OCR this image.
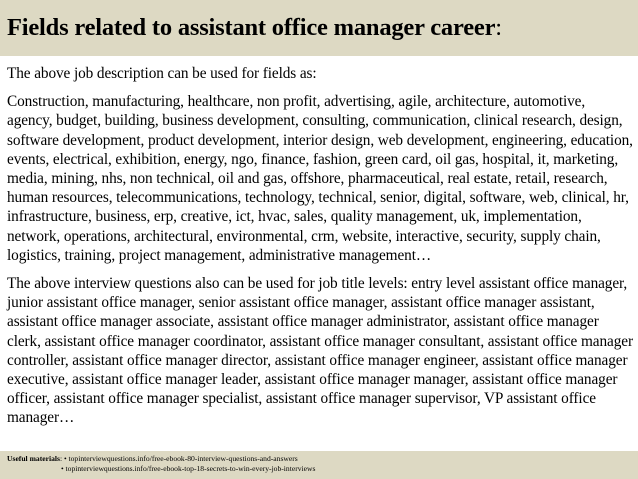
Fields related to assistant office manager career:

The above job description can be used for fields as:

Construction, manufacturing, healthcare, non profit, advertising, agile, architecture, automotive, agency, budget, building, business development, consulting, communication, clinical research, design, software development, product development, interior design, web development, engineering, education, events, electrical, exhibition, energy, ngo, finance, fashion, green card, oil gas, hospital, it, marketing, media, mining, nhs, non technical, oil and gas, offshore, pharmaceutical, real estate, retail, research, human resources, telecommunications, technology, technical, senior, digital, software, web, clinical, hr, infrastructure, business, erp, creative, ict, hvac, sales, quality management, uk, implementation, network, operations, architectural, environmental, crm, website, interactive, security, supply chain, logistics, training, project management, administrative management…

The above interview questions also can be used for job title levels: entry level assistant office manager, junior assistant office manager, senior assistant office manager, assistant office manager assistant, assistant office manager associate, assistant office manager administrator, assistant office manager clerk, assistant office manager coordinator, assistant office manager consultant, assistant office manager controller, assistant office manager director, assistant office manager engineer, assistant office manager executive, assistant office manager leader, assistant office manager manager, assistant office manager officer, assistant office manager specialist, assistant office manager supervisor, VP assistant office manager…

Useful materials: • topinterviewquestions.info/free-ebook-80-interview-questions-and-answers
• topinterviewquestions.info/free-ebook-top-18-secrets-to-win-every-job-interviews
